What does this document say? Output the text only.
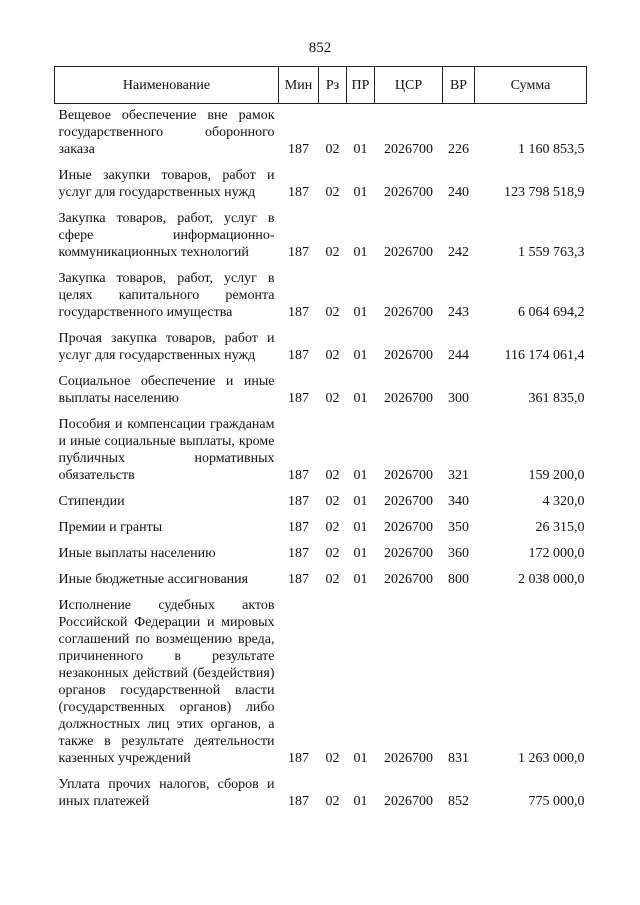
852
Наименование	Мин	Рз	ПР	ЦСР	ВР	Сумма
Вещевое обеспечение вне рамок государственного оборонного заказа	187	02	01	2026700	226	1 160 853,5
Иные закупки товаров, работ и услуг для государственных нужд	187	02	01	2026700	240	123 798 518,9
Закупка товаров, работ, услуг в сфере информационно-коммуникационных технологий	187	02	01	2026700	242	1 559 763,3
Закупка товаров, работ, услуг в целях капитального ремонта государственного имущества	187	02	01	2026700	243	6 064 694,2
Прочая закупка товаров, работ и услуг для государственных нужд	187	02	01	2026700	244	116 174 061,4
Социальное обеспечение и иные выплаты населению	187	02	01	2026700	300	361 835,0
Пособия и компенсации гражданам и иные социальные выплаты, кроме публичных нормативных обязательств	187	02	01	2026700	321	159 200,0
Стипендии	187	02	01	2026700	340	4 320,0
Премии и гранты	187	02	01	2026700	350	26 315,0
Иные выплаты населению	187	02	01	2026700	360	172 000,0
Иные бюджетные ассигнования	187	02	01	2026700	800	2 038 000,0
Исполнение судебных актов Российской Федерации и мировых соглашений по возмещению вреда, причиненного в результате незаконных действий (бездействия) органов государственной власти (государственных органов) либо должностных лиц этих органов, а также в результате деятельности казенных учреждений	187	02	01	2026700	831	1 263 000,0
Уплата прочих налогов, сборов и иных платежей	187	02	01	2026700	852	775 000,0
